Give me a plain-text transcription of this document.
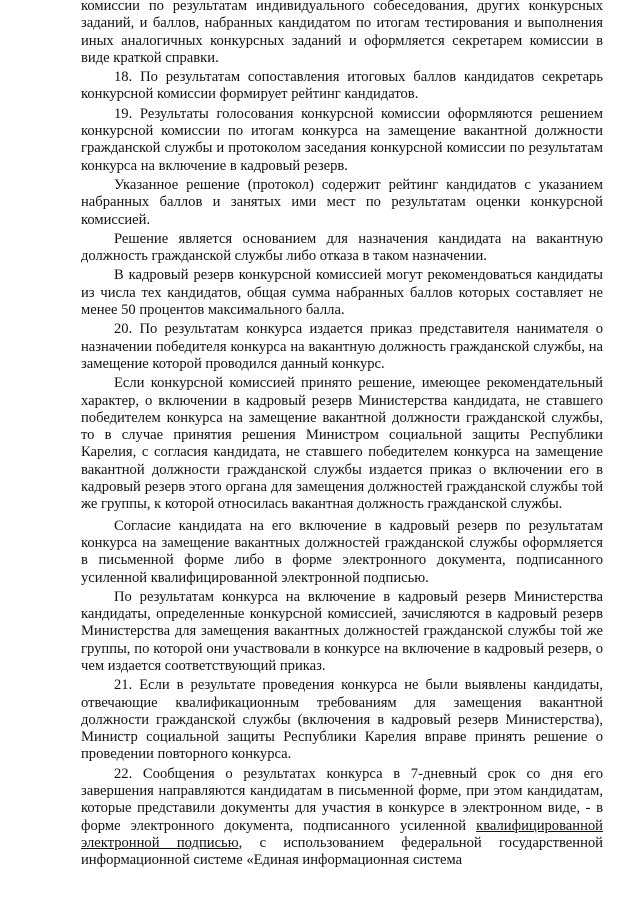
комиссии по результатам индивидуального собеседования, других конкурсных заданий, и баллов, набранных кандидатом по итогам тестирования и выполнения иных аналогичных конкурсных заданий и оформляется секретарем комиссии в виде краткой справки.

18. По результатам сопоставления итоговых баллов кандидатов секретарь конкурсной комиссии формирует рейтинг кандидатов.

19. Результаты голосования конкурсной комиссии оформляются решением конкурсной комиссии по итогам конкурса на замещение вакантной должности гражданской службы и протоколом заседания конкурсной комиссии по результатам конкурса на включение в кадровый резерв.

Указанное решение (протокол) содержит рейтинг кандидатов с указанием набранных баллов и занятых ими мест по результатам оценки конкурсной комиссией.

Решение является основанием для назначения кандидата на вакантную должность гражданской службы либо отказа в таком назначении.

В кадровый резерв конкурсной комиссией могут рекомендоваться кандидаты из числа тех кандидатов, общая сумма набранных баллов которых составляет не менее 50 процентов максимального балла.

20. По результатам конкурса издается приказ представителя нанимателя о назначении победителя конкурса на вакантную должность гражданской службы, на замещение которой проводился данный конкурс.

Если конкурсной комиссией принято решение, имеющее рекомендательный характер, о включении в кадровый резерв Министерства кандидата, не ставшего победителем конкурса на замещение вакантной должности гражданской службы, то в случае принятия решения Министром социальной защиты Республики Карелия, с согласия кандидата, не ставшего победителем конкурса на замещение вакантной должности гражданской службы издается приказ о включении его в кадровый резерв этого органа для замещения должностей гражданской службы той же группы, к которой относилась вакантная должность гражданской службы.

Согласие кандидата на его включение в кадровый резерв по результатам конкурса на замещение вакантных должностей гражданской службы оформляется в письменной форме либо в форме электронного документа, подписанного усиленной квалифицированной электронной подписью.

По результатам конкурса на включение в кадровый резерв Министерства кандидаты, определенные конкурсной комиссией, зачисляются в кадровый резерв Министерства для замещения вакантных должностей гражданской службы той же группы, по которой они участвовали в конкурсе на включение в кадровый резерв, о чем издается соответствующий приказ.

21. Если в результате проведения конкурса не были выявлены кандидаты, отвечающие квалификационным требованиям для замещения вакантной должности гражданской службы (включения в кадровый резерв Министерства), Министр социальной защиты Республики Карелия вправе принять решение о проведении повторного конкурса.

22. Сообщения о результатах конкурса в 7-дневный срок со дня его завершения направляются кандидатам в письменной форме, при этом кандидатам, которые представили документы для участия в конкурсе в электронном виде, - в форме электронного документа, подписанного усиленной квалифицированной электронной подписью, с использованием федеральной государственной информационной системе «Единая информационная система
